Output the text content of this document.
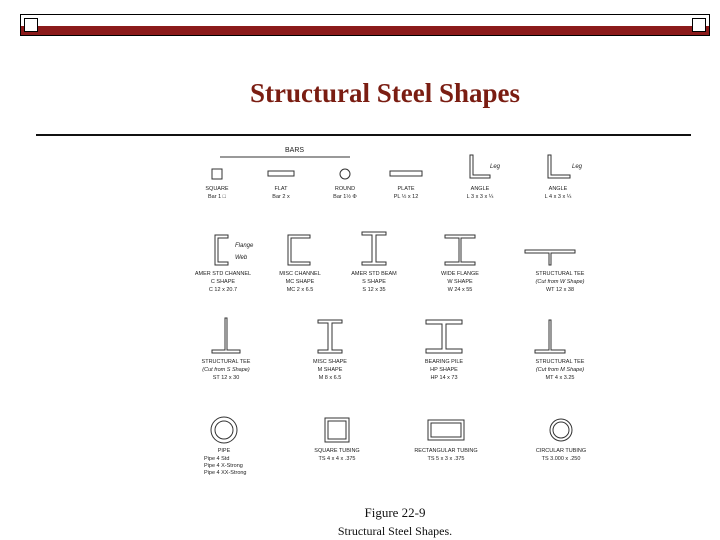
Structural Steel Shapes
BARS
Flange
Web
Leg	Leg
SQUARE
Bar 1 □
FLAT
Bar 2 x
ROUND
Bar 1½ Φ
PLATE
PL ½ x 12
ANGLE
L 3 x 3 x ¼
ANGLE
L 4 x 3 x ¼
AMER STD CHANNEL
C SHAPE
C 12 x 20.7
MISC CHANNEL
MC SHAPE
MC 2 x 6.5
AMER STD BEAM
S SHAPE
S 12 x 35
WIDE FLANGE
W SHAPE
W 24 x 55
STRUCTURAL TEE
(Cut from W Shape)
WT 12 x 38
STRUCTURAL TEE
(Cut from S Shape)
ST 12 x 30
MISC SHAPE
M SHAPE
M 8 x 6.5
BEARING PILE
HP SHAPE
HP 14 x 73
STRUCTURAL TEE
(Cut from M Shape)
MT 4 x 3.25
PIPE	SQUARE TUBING
TS 4 x 4 x .375
RECTANGULAR TUBING
TS 5 x 3 x .375
CIRCULAR TUBING
TS 3.000 x .250
Pipe 4 Std
Pipe 4 X-Strong
Pipe 4 XX-Strong
Figure 22-9
Structural Steel Shapes.
